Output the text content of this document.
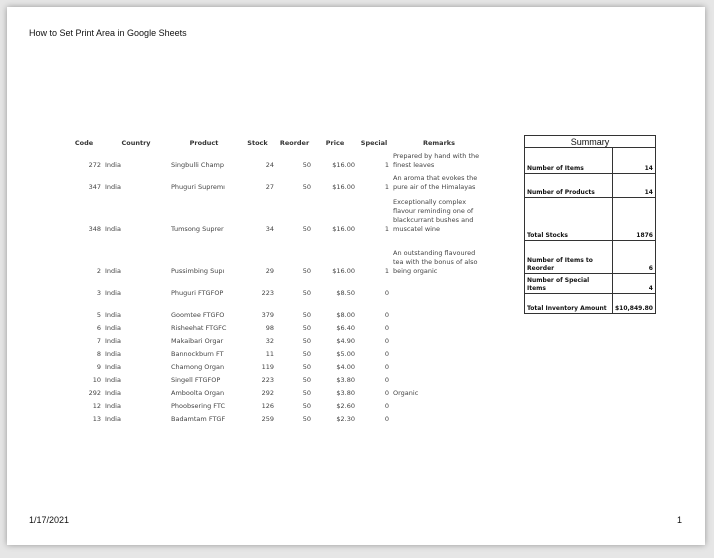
How to Set Print Area in Google Sheets
Code	Country	Product	Stock	Reorder	Price	Special	Remarks
272	India	Singbulli Champ	24	50	$16.00	1	Prepared by hand with the finest leaves
347	India	Phuguri Supremı	27	50	$16.00	1	An aroma that evokes the pure air of the Himalayas
348	India	Tumsong Suprer	34	50	$16.00	1	Exceptionally complex flavour reminding one of blackcurrant bushes and muscatel wine
2	India	Pussimbing Supı	29	50	$16.00	1	An outstanding flavoured tea with the bonus of also being organic
3	India	Phuguri FTGFOP	223	50	$8.50	0	
5	India	Goomtee FTGFO	379	50	$8.00	0	
6	India	Risheehat FTGFC	98	50	$6.40	0	
7	India	Makaibari Orgar	32	50	$4.90	0	
8	India	Bannockburn FT	11	50	$5.00	0	
9	India	Chamong Organ	119	50	$4.00	0	
10	India	Singell FTGFOP	223	50	$3.80	0	
292	India	Amboolta Organ	292	50	$3.80	0	Organic
12	India	Phoobsering FTC	126	50	$2.60	0	
13	India	Badamtam FTGF	259	50	$2.30	0	
Summary	
Number of Items	14
Number of Products	14
Total Stocks	1876
Number of Items to Reorder	6
Number of Special Items	4
Total Inventory Amount	$10,849.80
1/17/2021	1
